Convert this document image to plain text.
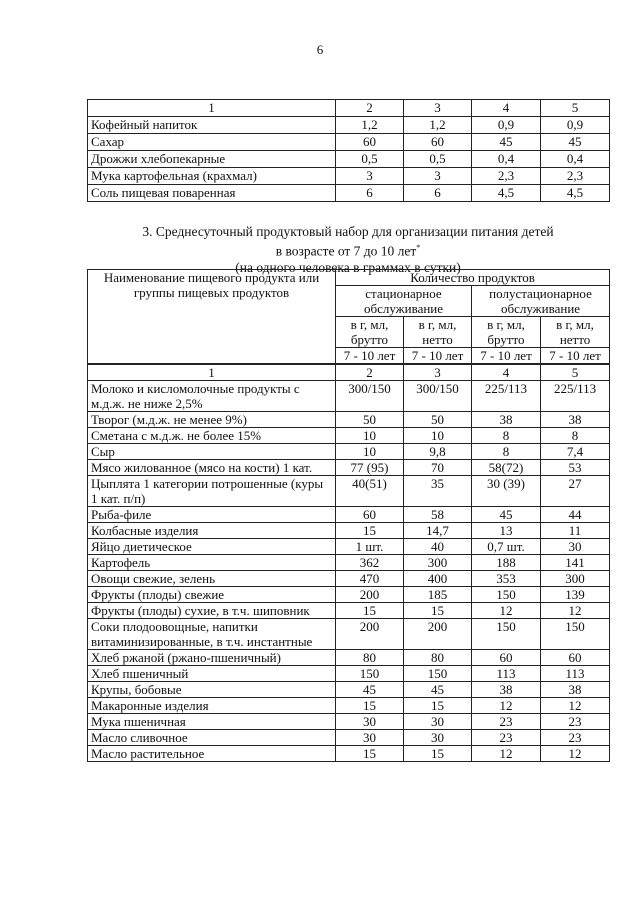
6
1	2	3	4	5
Кофейный напиток	1,2	1,2	0,9	0,9
Сахар	60	60	45	45
Дрожжи хлебопекарные	0,5	0,5	0,4	0,4
Мука картофельная (крахмал)	3	3	2,3	2,3
Соль пищевая поваренная	6	6	4,5	4,5
3. Среднесуточный продуктовый набор для организации питания детей
в возрасте от 7 до 10 лет*
(на одного человека в граммах в сутки)
Наименование пищевого продукта или группы пищевых продуктов	Количество продуктов			
	стационарное обслуживание		полустационарное обслуживание	
	в г, мл, брутто	в г, мл, нетто	в г, мл, брутто	в г, мл, нетто
	7 - 10 лет	7 - 10 лет	7 - 10 лет	7 - 10 лет
1	2	3	4	5
Молоко и кисломолочные продукты с м.д.ж. не ниже 2,5%	300/150	300/150	225/113	225/113
Творог (м.д.ж. не менее 9%)	50	50	38	38
Сметана с м.д.ж. не более 15%	10	10	8	8
Сыр	10	9,8	8	7,4
Мясо жилованное (мясо на кости) 1 кат.	77 (95)	70	58(72)	53
Цыплята 1 категории потрошенные (куры 1 кат. п/п)	40(51)	35	30 (39)	27
Рыба-филе	60	58	45	44
Колбасные изделия	15	14,7	13	11
Яйцо диетическое	1 шт.	40	0,7 шт.	30
Картофель	362	300	188	141
Овощи свежие, зелень	470	400	353	300
Фрукты (плоды) свежие	200	185	150	139
Фрукты (плоды) сухие, в т.ч. шиповник	15	15	12	12
Соки плодоовощные, напитки витаминизированные, в т.ч. инстантные	200	200	150	150
Хлеб ржаной (ржано-пшеничный)	80	80	60	60
Хлеб пшеничный	150	150	113	113
Крупы, бобовые	45	45	38	38
Макаронные изделия	15	15	12	12
Мука пшеничная	30	30	23	23
Масло сливочное	30	30	23	23
Масло растительное	15	15	12	12
